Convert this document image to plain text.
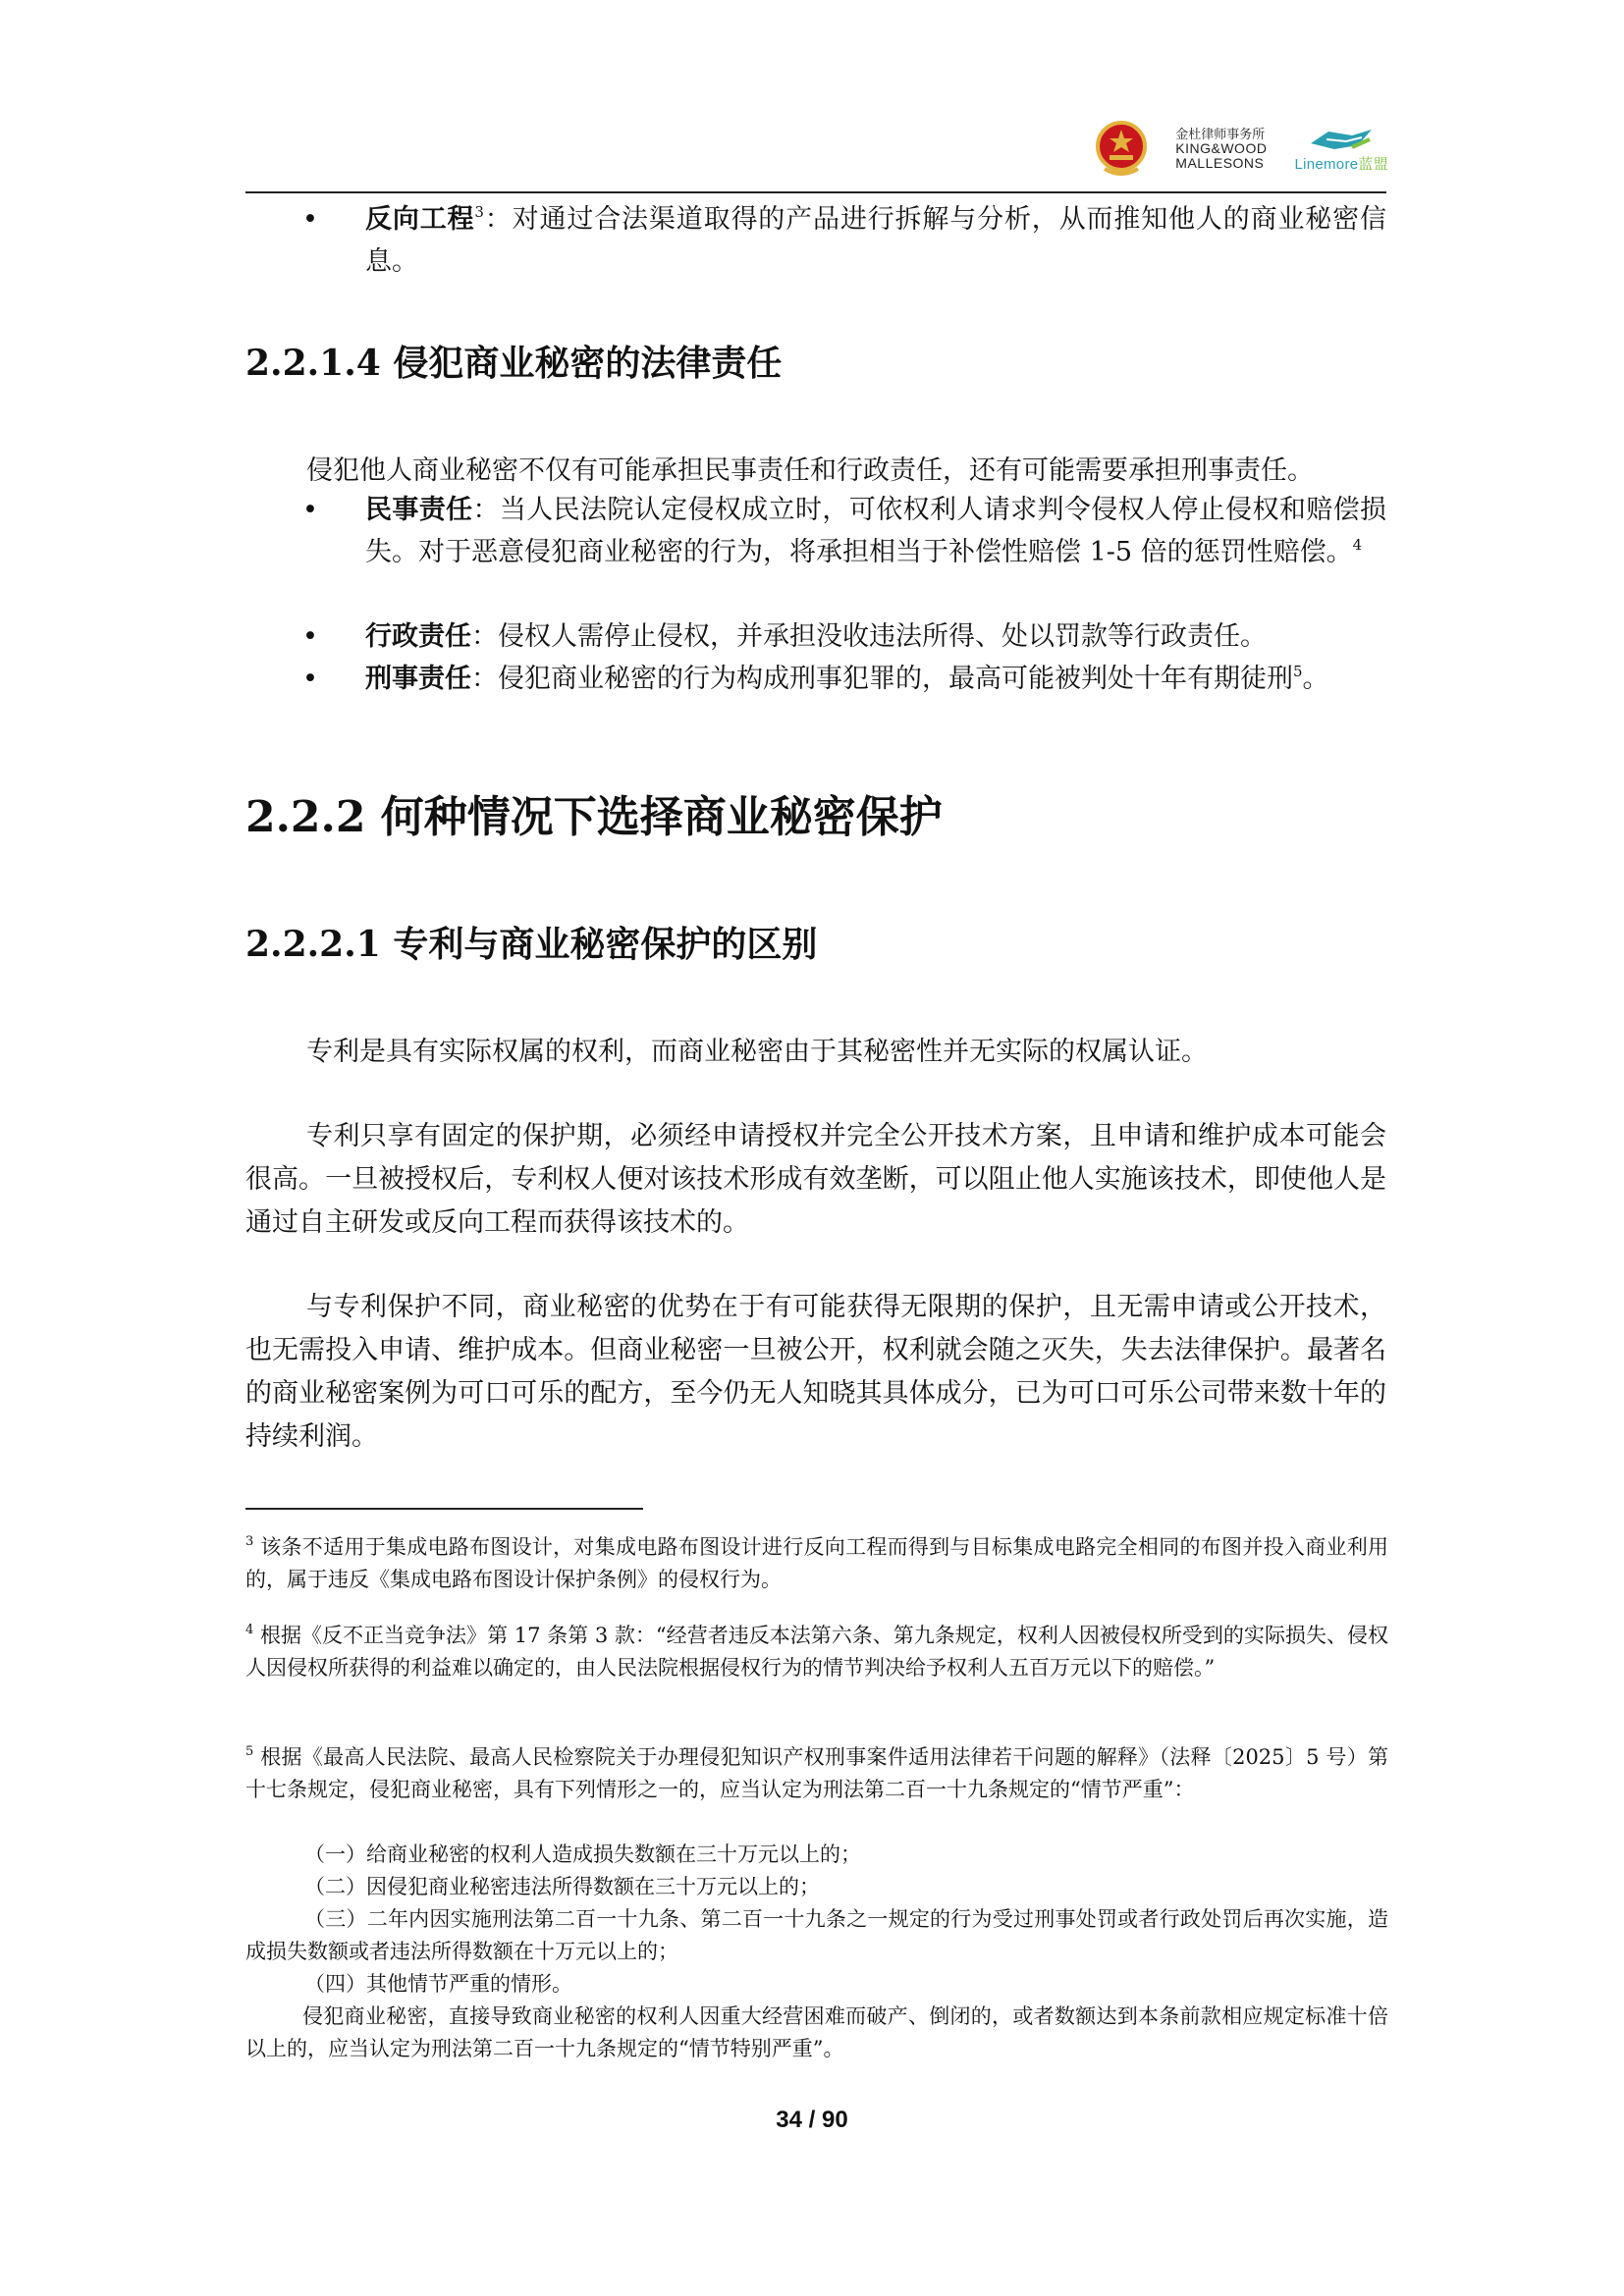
金杜律师事务所
KING&WOOD
MALLESONS Linemore蓝盟
• 反向工程$^3$：对通过合法渠道取得的产品进行拆解与分析，从而推知他人的商业秘密信息。
2.2.1.4 侵犯商业秘密的法律责任
侵犯他人商业秘密不仅有可能承担民事责任和行政责任，还有可能需要承担刑事责任。
• 民事责任：当人民法院认定侵权成立时，可依权利人请求判令侵权人停止侵权和赔偿损失。对于恶意侵犯商业秘密的行为，将承担相当于补偿性赔偿 1-5 倍的惩罚性赔偿。$^4$
• 行政责任：侵权人需停止侵权，并承担没收违法所得、处以罚款等行政责任。
• 刑事责任：侵犯商业秘密的行为构成刑事犯罪的，最高可能被判处十年有期徒刑$^5$。
2.2.2 何种情况下选择商业秘密保护
2.2.2.1 专利与商业秘密保护的区别
专利是具有实际权属的权利，而商业秘密由于其秘密性并无实际的权属认证。
专利只享有固定的保护期，必须经申请授权并完全公开技术方案，且申请和维护成本可能会很高。一旦被授权后，专利权人便对该技术形成有效垄断，可以阻止他人实施该技术，即使他人是通过自主研发或反向工程而获得该技术的。
与专利保护不同，商业秘密的优势在于有可能获得无限期的保护，且无需申请或公开技术，也无需投入申请、维护成本。但商业秘密一旦被公开，权利就会随之灭失，失去法律保护。最著名的商业秘密案例为可口可乐的配方，至今仍无人知晓其具体成分，已为可口可乐公司带来数十年的持续利润。
$^3$ 该条不适用于集成电路布图设计，对集成电路布图设计进行反向工程而得到与目标集成电路完全相同的布图并投入商业利用的，属于违反《集成电路布图设计保护条例》的侵权行为。
$^4$ 根据《反不正当竞争法》第 17 条第 3 款：“经营者违反本法第六条、第九条规定，权利人因被侵权所受到的实际损失、侵权人因侵权所获得的利益难以确定的，由人民法院根据侵权行为的情节判决给予权利人五百万元以下的赔偿。”
$^5$ 根据《最高人民法院、最高人民检察院关于办理侵犯知识产权刑事案件适用法律若干问题的解释》（法释〔2025〕5 号）第十七条规定，侵犯商业秘密，具有下列情形之一的，应当认定为刑法第二百一十九条规定的“情节严重”：
（一）给商业秘密的权利人造成损失数额在三十万元以上的；
（二）因侵犯商业秘密违法所得数额在三十万元以上的；
（三）二年内因实施刑法第二百一十九条、第二百一十九条之一规定的行为受过刑事处罚或者行政处罚后再次实施，造成损失数额或者违法所得数额在十万元以上的；
（四）其他情节严重的情形。
侵犯商业秘密，直接导致商业秘密的权利人因重大经营困难而破产、倒闭的，或者数额达到本条前款相应规定标准十倍以上的，应当认定为刑法第二百一十九条规定的“情节特别严重”。
34 / 90
